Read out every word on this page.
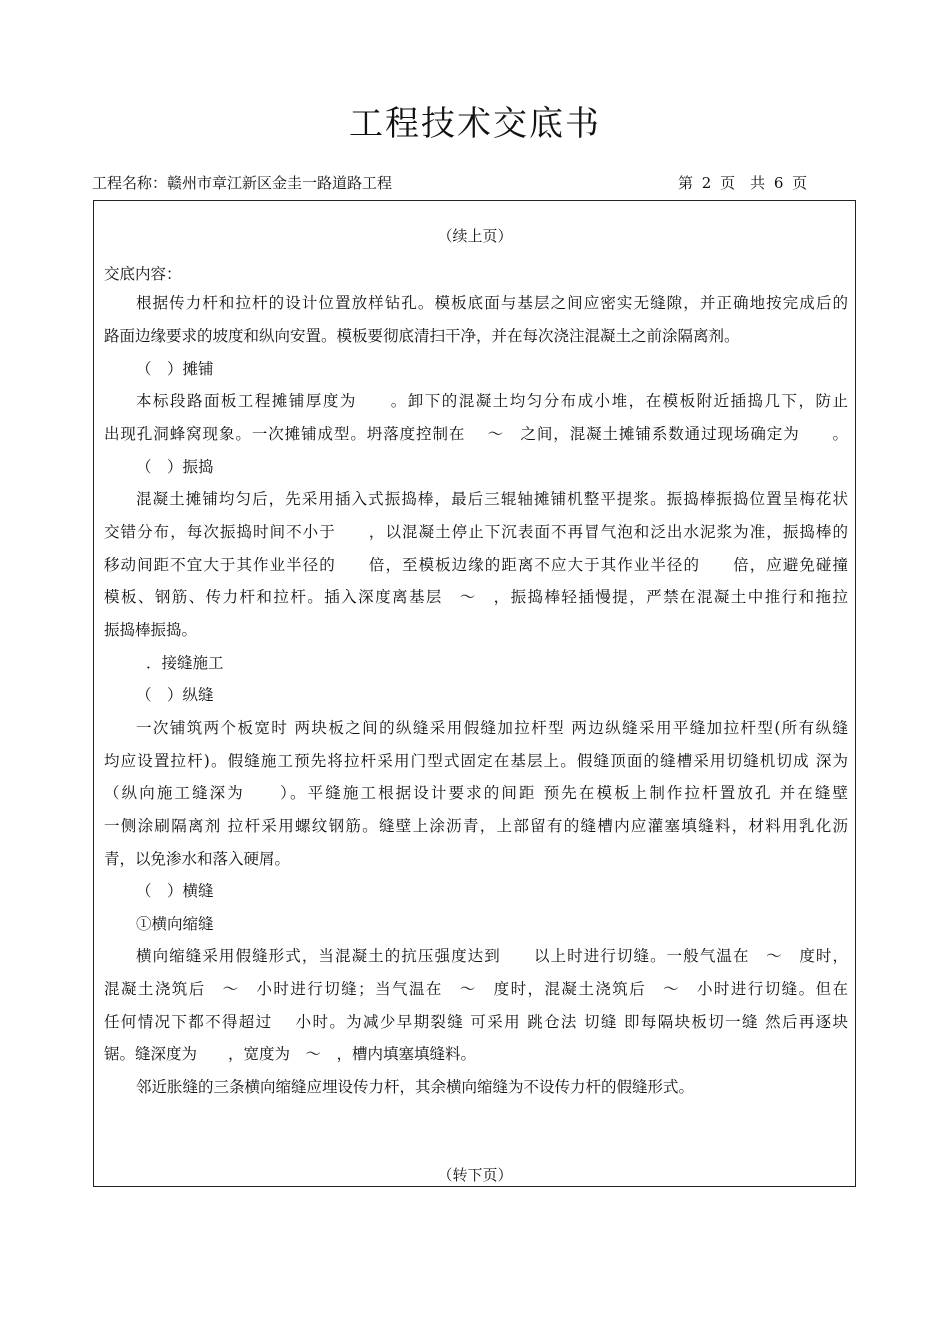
工程技术交底书
工程名称：赣州市章江新区金圭一路道路工程	第 2 页　共 6 页
（续上页）
交底内容：
根据传力杆和拉杆的设计位置放样钻孔。模板底面与基层之间应密实无缝隙，并正确地按完成后的
路面边缘要求的坡度和纵向安置。模板要彻底清扫干净，并在每次浇注混凝土之前涂隔离剂。
（　）摊铺
本标段路面板工程摊铺厚度为　　。卸下的混凝土均匀分布成小堆，在模板附近插捣几下，防止
出现孔洞蜂窝现象。一次摊铺成型。坍落度控制在　 ～　之间，混凝土摊铺系数通过现场确定为　　。
（　）振捣
混凝土摊铺均匀后，先采用插入式振捣棒，最后三辊轴摊铺机整平提浆。振捣棒振捣位置呈梅花状
交错分布，每次振捣时间不小于　　，以混凝土停止下沉表面不再冒气泡和泛出水泥浆为准，振捣棒的
移动间距不宜大于其作业半径的　　倍，至模板边缘的距离不应大于其作业半径的　　倍，应避免碰撞
模板、钢筋、传力杆和拉杆。插入深度离基层　～　，振捣棒轻插慢提，严禁在混凝土中推行和拖拉
振捣棒振捣。
．接缝施工
（　）纵缝
一次铺筑两个板宽时 两块板之间的纵缝采用假缝加拉杆型 两边纵缝采用平缝加拉杆型(所有纵缝
均应设置拉杆)。假缝施工预先将拉杆采用门型式固定在基层上。假缝顶面的缝槽采用切缝机切成 深为
（纵向施工缝深为　　）。平缝施工根据设计要求的间距 预先在模板上制作拉杆置放孔 并在缝壁
一侧涂刷隔离剂 拉杆采用螺纹钢筋。缝壁上涂沥青，上部留有的缝槽内应灌塞填缝料，材料用乳化沥
青，以免渗水和落入硬屑。
（　）横缝
①横向缩缝
横向缩缝采用假缝形式，当混凝土的抗压强度达到　　以上时进行切缝。一般气温在　～　度时，
混凝土浇筑后　～　小时进行切缝；当气温在　～　度时，混凝土浇筑后　～　小时进行切缝。但在
任何情况下都不得超过　 小时。为减少早期裂缝 可采用 跳仓法 切缝 即每隔块板切一缝 然后再逐块
锯。缝深度为　　，宽度为　～　，槽内填塞填缝料。
邻近胀缝的三条横向缩缝应埋设传力杆，其余横向缩缝为不设传力杆的假缝形式。
（转下页）
